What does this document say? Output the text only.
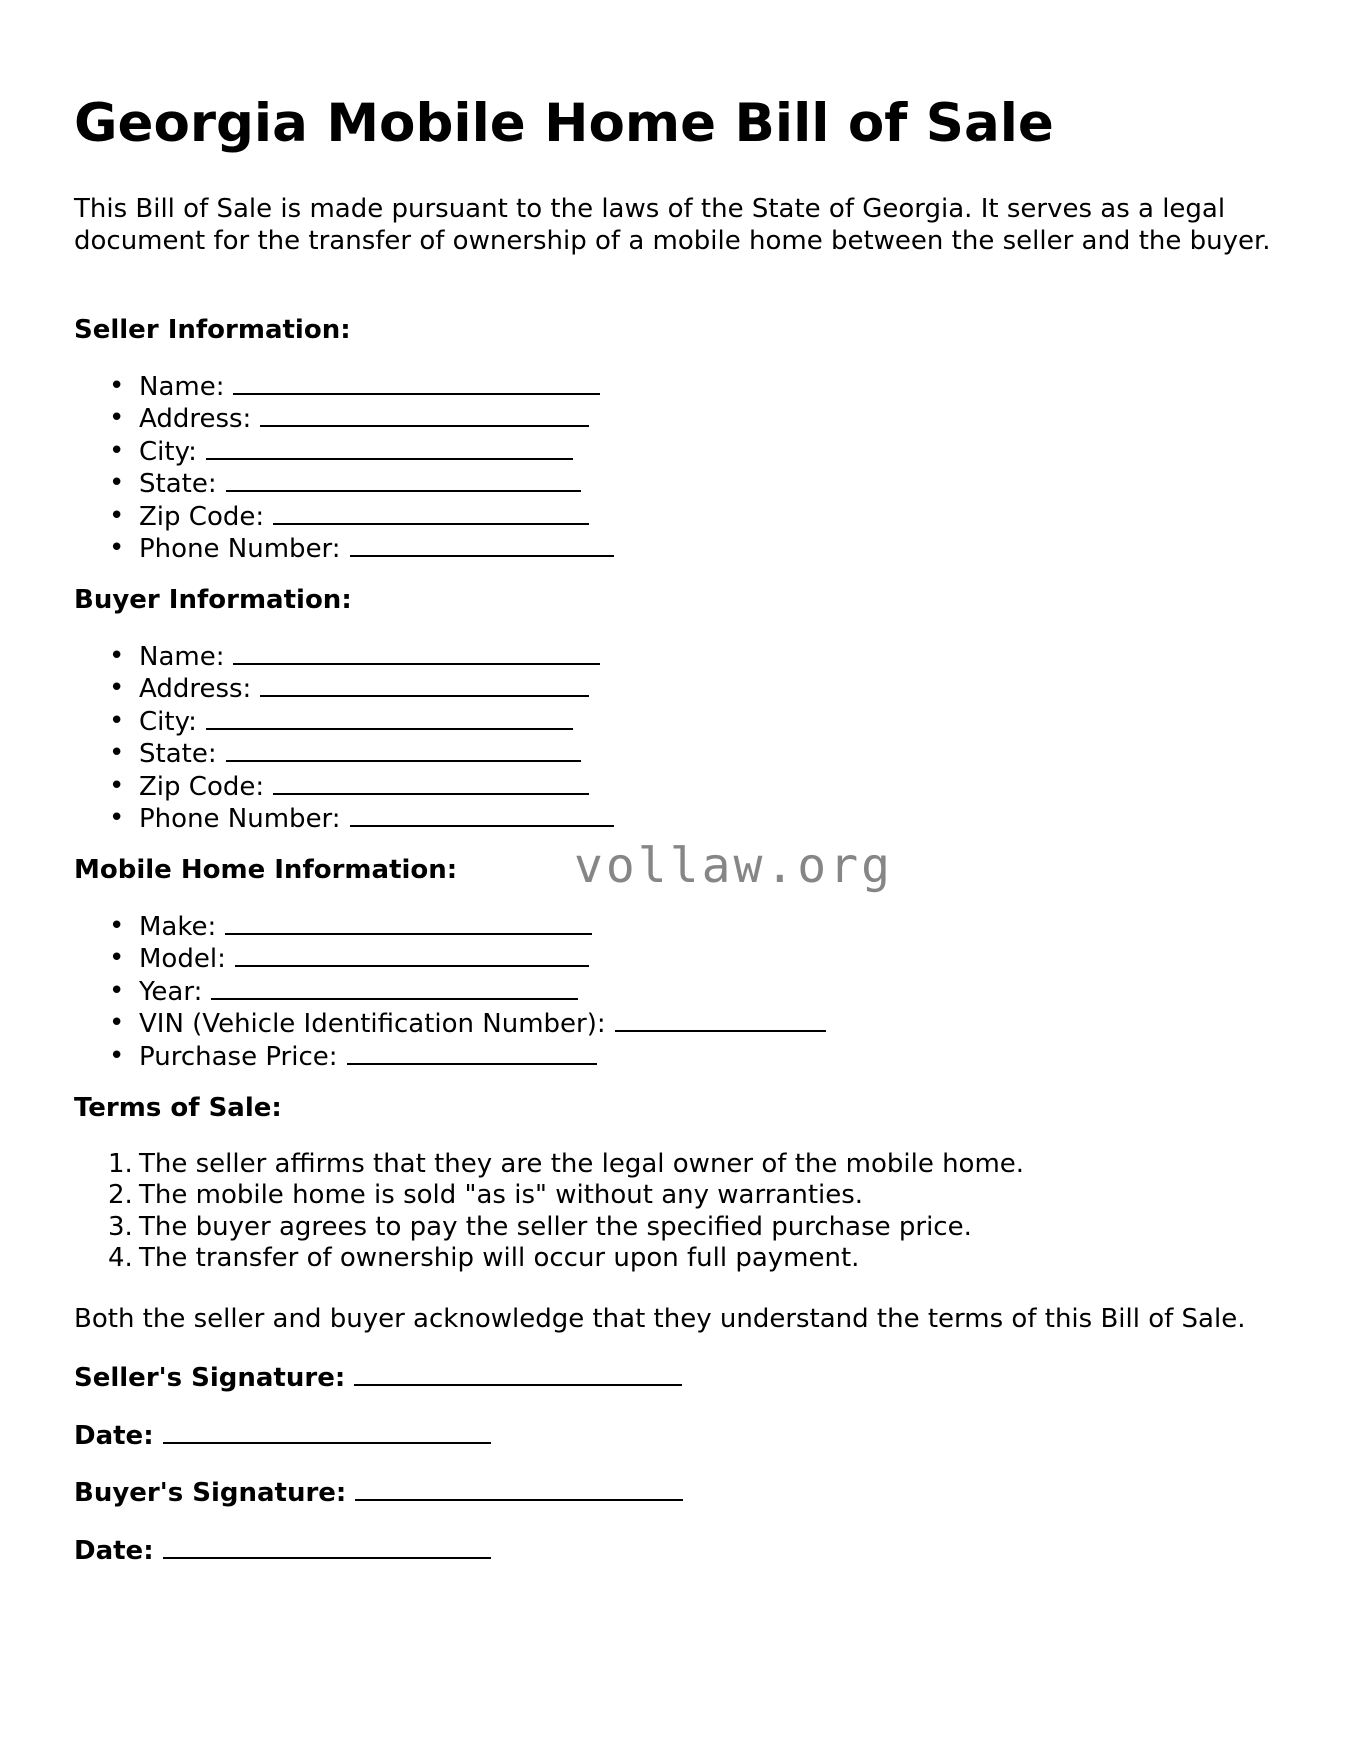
Georgia Mobile Home Bill of Sale

This Bill of Sale is made pursuant to the laws of the State of Georgia. It serves as a legal document for the transfer of ownership of a mobile home between the seller and the buyer.

Seller Information:

• Name:
• Address:
• City:
• State:
• Zip Code:
• Phone Number:

Buyer Information:

• Name:
• Address:
• City:
• State:
• Zip Code:
• Phone Number:

Mobile Home Information:

• Make:
• Model:
• Year:
• VIN (Vehicle Identification Number):
• Purchase Price:

Terms of Sale:

1. The seller affirms that they are the legal owner of the mobile home.
2. The mobile home is sold "as is" without any warranties.
3. The buyer agrees to pay the seller the specified purchase price.
4. The transfer of ownership will occur upon full payment.

Both the seller and buyer acknowledge that they understand the terms of this Bill of Sale.

Seller's Signature:

Date:

Buyer's Signature:

Date:

vollaw.org
